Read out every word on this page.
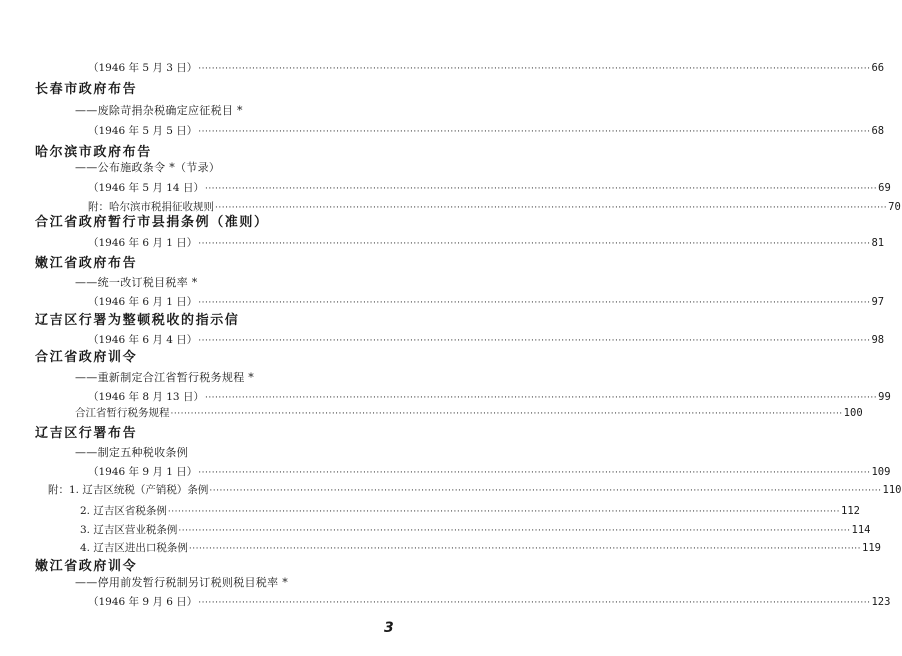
（1946 年 5 月 3 日） ········································································································································································································ 66
长春市政府布告
——废除苛捐杂税确定应征税目 *
（1946 年 5 月 5 日） ········································································································································································································ 68
哈尔滨市政府布告
——公布施政条令 *（节录）
（1946 年 5 月 14 日） ········································································································································································································ 69
附：哈尔滨市税捐征收规则 ········································································································································································································ 70
合江省政府暂行市县捐条例（准则）
（1946 年 6 月 1 日） ········································································································································································································ 81
嫩江省政府布告
——统一改订税目税率 *
（1946 年 6 月 1 日） ········································································································································································································ 97
辽吉区行署为整顿税收的指示信
（1946 年 6 月 4 日） ········································································································································································································ 98
合江省政府训令
——重新制定合江省暂行税务规程 *
（1946 年 8 月 13 日） ········································································································································································································ 99
合江省暂行税务规程 ········································································································································································································ 100
辽吉区行署布告
——制定五种税收条例
（1946 年 9 月 1 日） ········································································································································································································ 109
附：1. 辽吉区统税（产销税）条例 ········································································································································································································ 110
2. 辽吉区省税条例 ········································································································································································································ 112
3. 辽吉区营业税条例 ········································································································································································································ 114
4. 辽吉区进出口税条例 ········································································································································································································ 119
嫩江省政府训令
——停用前发暂行税制另订税则税目税率 *
（1946 年 9 月 6 日） ········································································································································································································ 123
3
